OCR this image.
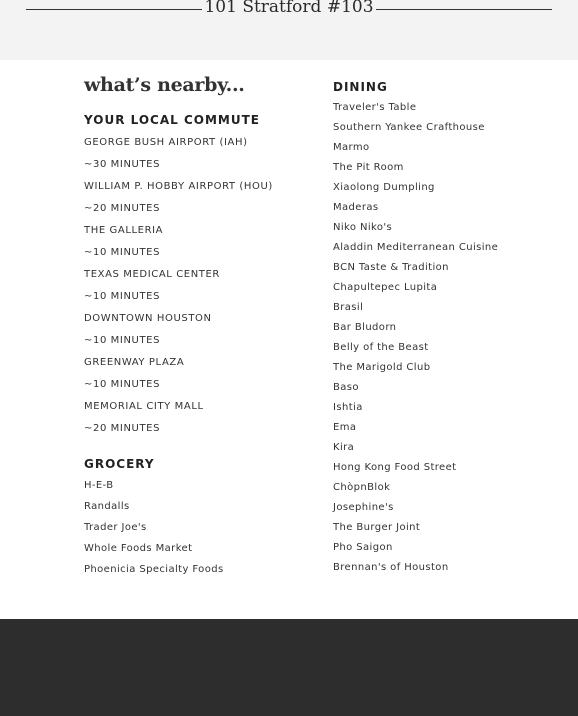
101 Stratford #103
what’s nearby...
YOUR LOCAL COMMUTE

GEORGE BUSH AIRPORT (IAH)

~30 MINUTES

WILLIAM P. HOBBY AIRPORT (HOU)

~20 MINUTES

THE GALLERIA

~10 MINUTES

TEXAS MEDICAL CENTER

~10 MINUTES

DOWNTOWN HOUSTON

~10 MINUTES

GREENWAY PLAZA

~10 MINUTES

MEMORIAL CITY MALL

~20 MINUTES

GROCERY

H-E-B

Randalls

Trader Joe's

Whole Foods Market

Phoenicia Specialty Foods

DINING

Traveler's Table

Southern Yankee Crafthouse

Marmo

The Pit Room

Xiaolong Dumpling

Maderas

Niko Niko's

Aladdin Mediterranean Cuisine

BCN Taste & Tradition

Chapultepec Lupita

Brasil

Bar Bludorn

Belly of the Beast

The Marigold Club

Baso

Ishtia

Ema

Kira

Hong Kong Food Street

ChòpnBlok

Josephine's

The Burger Joint

Pho Saigon

Brennan's of Houston
